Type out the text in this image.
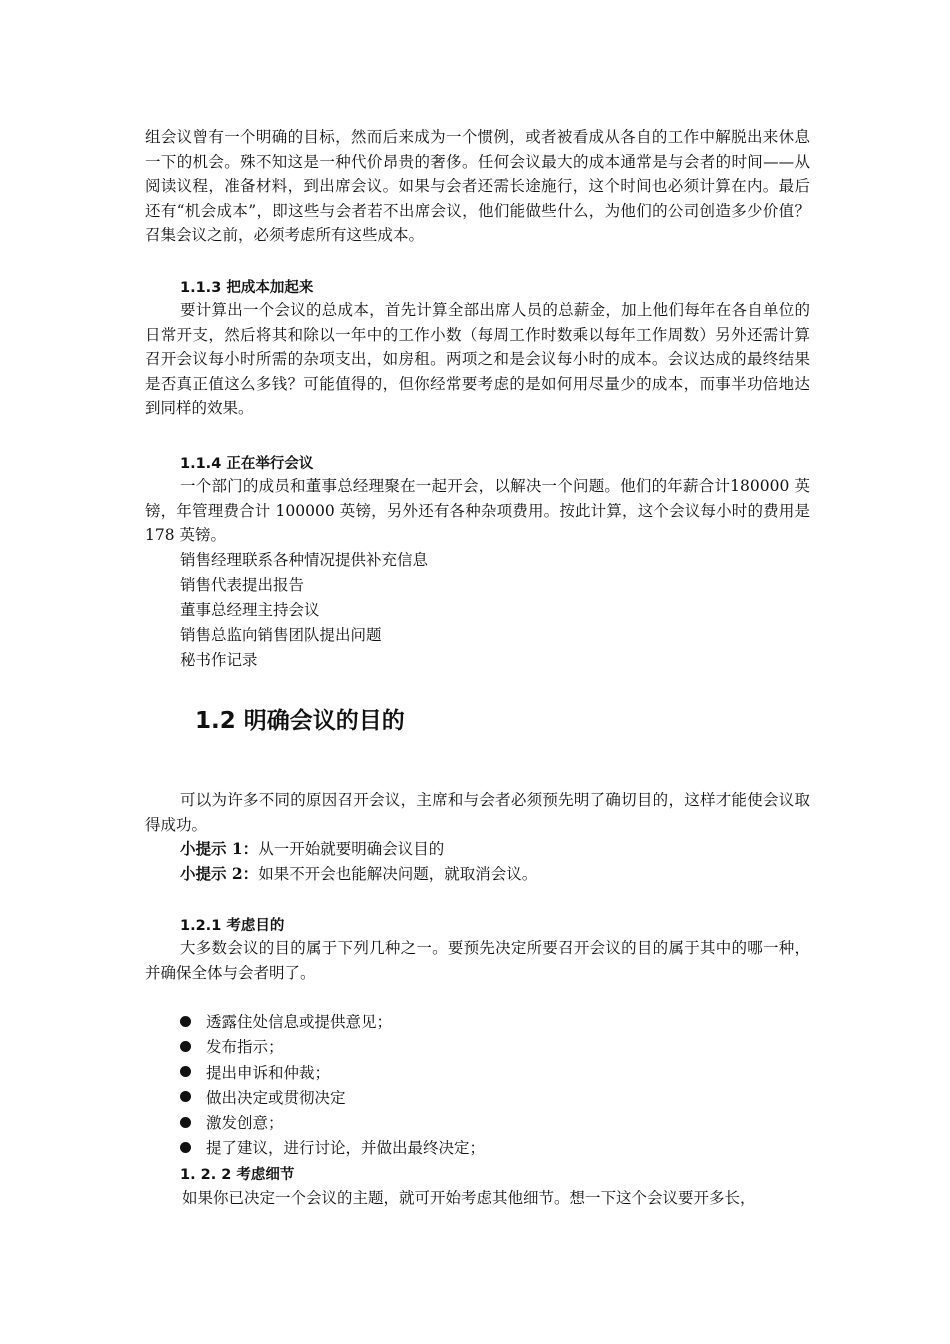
组会议曾有一个明确的目标，然而后来成为一个惯例，或者被看成从各自的工作中解脱出来休息一下的机会。殊不知这是一种代价昂贵的奢侈。任何会议最大的成本通常是与会者的时间——从阅读议程，准备材料，到出席会议。如果与会者还需长途施行，这个时间也必须计算在内。最后还有“机会成本”，即这些与会者若不出席会议，他们能做些什么，为他们的公司创造多少价值？召集会议之前，必须考虑所有这些成本。

1.1.3 把成本加起来

要计算出一个会议的总成本，首先计算全部出席人员的总薪金，加上他们每年在各自单位的日常开支，然后将其和除以一年中的工作小数（每周工作时数乘以每年工作周数）另外还需计算召开会议每小时所需的杂项支出，如房租。两项之和是会议每小时的成本。会议达成的最终结果是否真正值这么多钱？可能值得的，但你经常要考虑的是如何用尽量少的成本，而事半功倍地达到同样的效果。

1.1.4 正在举行会议

一个部门的成员和董事总经理聚在一起开会，以解决一个问题。他们的年薪合计180000 英镑，年管理费合计 100000 英镑，另外还有各种杂项费用。按此计算，这个会议每小时的费用是 178 英镑。

销售经理联系各种情况提供补充信息

销售代表提出报告

董事总经理主持会议

销售总监向销售团队提出问题

秘书作记录

1.2 明确会议的目的

可以为许多不同的原因召开会议，主席和与会者必须预先明了确切目的，这样才能使会议取得成功。

小提示 1：从一开始就要明确会议目的

小提示 2：如果不开会也能解决问题，就取消会议。

1.2.1 考虑目的

大多数会议的目的属于下列几种之一。要预先决定所要召开会议的目的属于其中的哪一种，并确保全体与会者明了。

透露住处信息或提供意见；
发布指示；
提出申诉和仲裁；
做出决定或贯彻决定
激发创意；
提了建议，进行讨论，并做出最终决定；
1. 2. 2 考虑细节

如果你已决定一个会议的主题，就可开始考虑其他细节。想一下这个会议要开多长，
